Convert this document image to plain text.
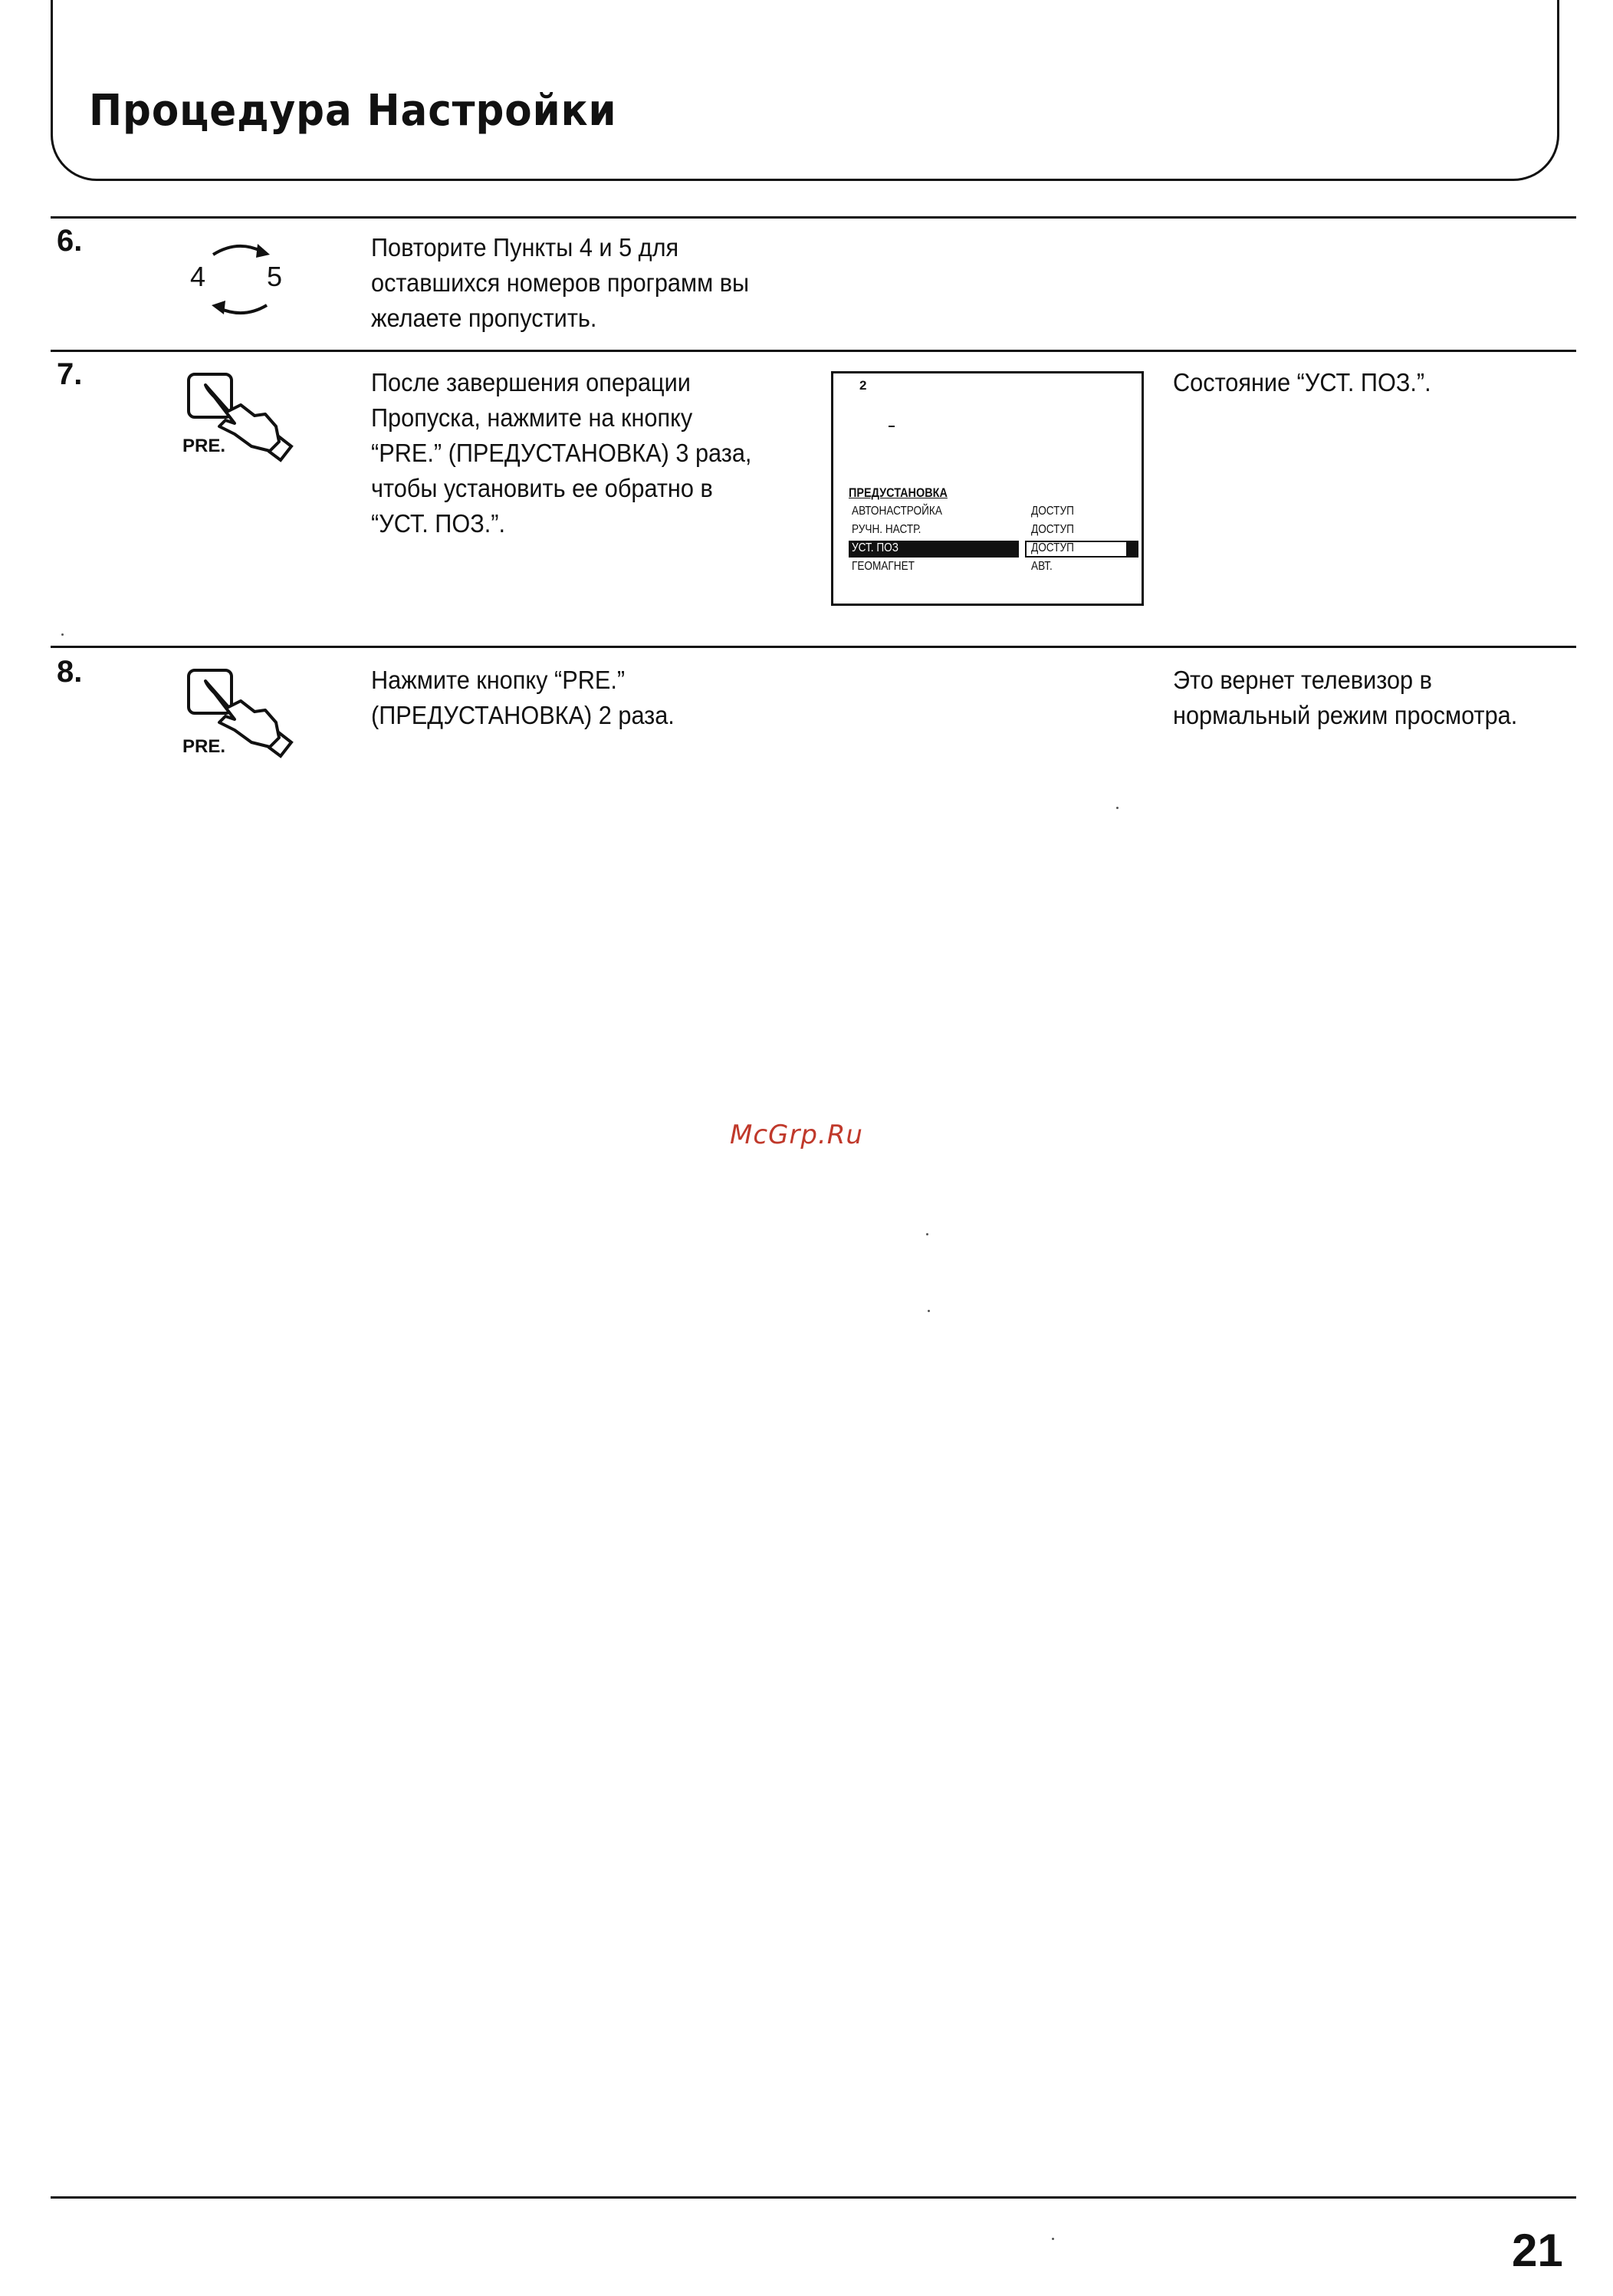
Процедура Настройки
6.
4 5
Повторите Пункты 4 и 5 для
оставшихся номеров программ вы
желаете пропустить.
7.
PRE.
После завершения операции
Пропуска, нажмите на кнопку
“PRE.” (ПРЕДУСТАНОВКА) 3 раза,
чтобы установить ее обратно в
“УСТ. ПОЗ.”.
2
ПРЕДУСТАНОВКА
АВТОНАСТРОЙКА	ДОСТУП
РУЧН. НАСТР.	ДОСТУП
УСТ. ПОЗ	ДОСТУП
ГЕОМАГНЕТ	АВТ.
Состояние “УСТ. ПОЗ.”.
8.
PRE.
Нажмите кнопку “PRE.”
(ПРЕДУСТАНОВКА) 2 раза.
Это вернет телевизор в
нормальный режим просмотра.
McGrp.Ru
21
